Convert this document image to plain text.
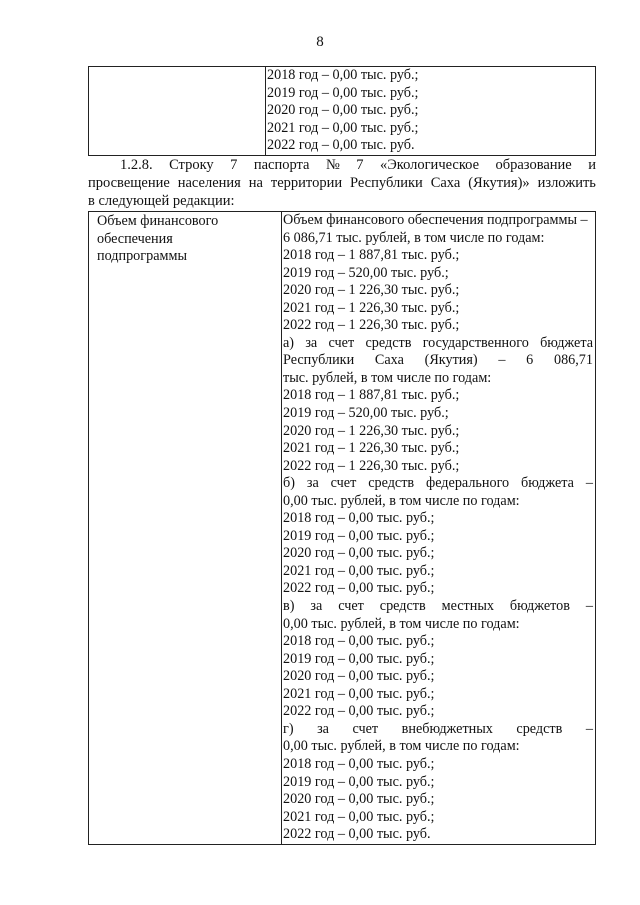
8

2018 год – 0,00 тыс. руб.;
2019 год – 0,00 тыс. руб.;
2020 год – 0,00 тыс. руб.;
2021 год – 0,00 тыс. руб.;
2022 год – 0,00 тыс. руб.
1.2.8. Строку 7 паспорта № 7 «Экологическое образование и
просвещение населения на территории Республики Саха (Якутия)» изложить
в следующей редакции:
Объем финансового
обеспечения
подпрограммы

Объем финансового обеспечения подпрограммы –
6 086,71 тыс. рублей, в том числе по годам:
2018 год – 1 887,81 тыс. руб.;
2019 год – 520,00 тыс. руб.;
2020 год – 1 226,30 тыс. руб.;
2021 год – 1 226,30 тыс. руб.;
2022 год – 1 226,30 тыс. руб.;
а) за счет средств государственного бюджета
Республики Саха (Якутия) – 6 086,71
тыс. рублей, в том числе по годам:
2018 год – 1 887,81 тыс. руб.;
2019 год – 520,00 тыс. руб.;
2020 год – 1 226,30 тыс. руб.;
2021 год – 1 226,30 тыс. руб.;
2022 год – 1 226,30 тыс. руб.;
б) за счет средств федерального бюджета –
0,00 тыс. рублей, в том числе по годам:
2018 год – 0,00 тыс. руб.;
2019 год – 0,00 тыс. руб.;
2020 год – 0,00 тыс. руб.;
2021 год – 0,00 тыс. руб.;
2022 год – 0,00 тыс. руб.;
в) за счет средств местных бюджетов –
0,00 тыс. рублей, в том числе по годам:
2018 год – 0,00 тыс. руб.;
2019 год – 0,00 тыс. руб.;
2020 год – 0,00 тыс. руб.;
2021 год – 0,00 тыс. руб.;
2022 год – 0,00 тыс. руб.;
г) за счет внебюджетных средств –
0,00 тыс. рублей, в том числе по годам:
2018 год – 0,00 тыс. руб.;
2019 год – 0,00 тыс. руб.;
2020 год – 0,00 тыс. руб.;
2021 год – 0,00 тыс. руб.;
2022 год – 0,00 тыс. руб.
